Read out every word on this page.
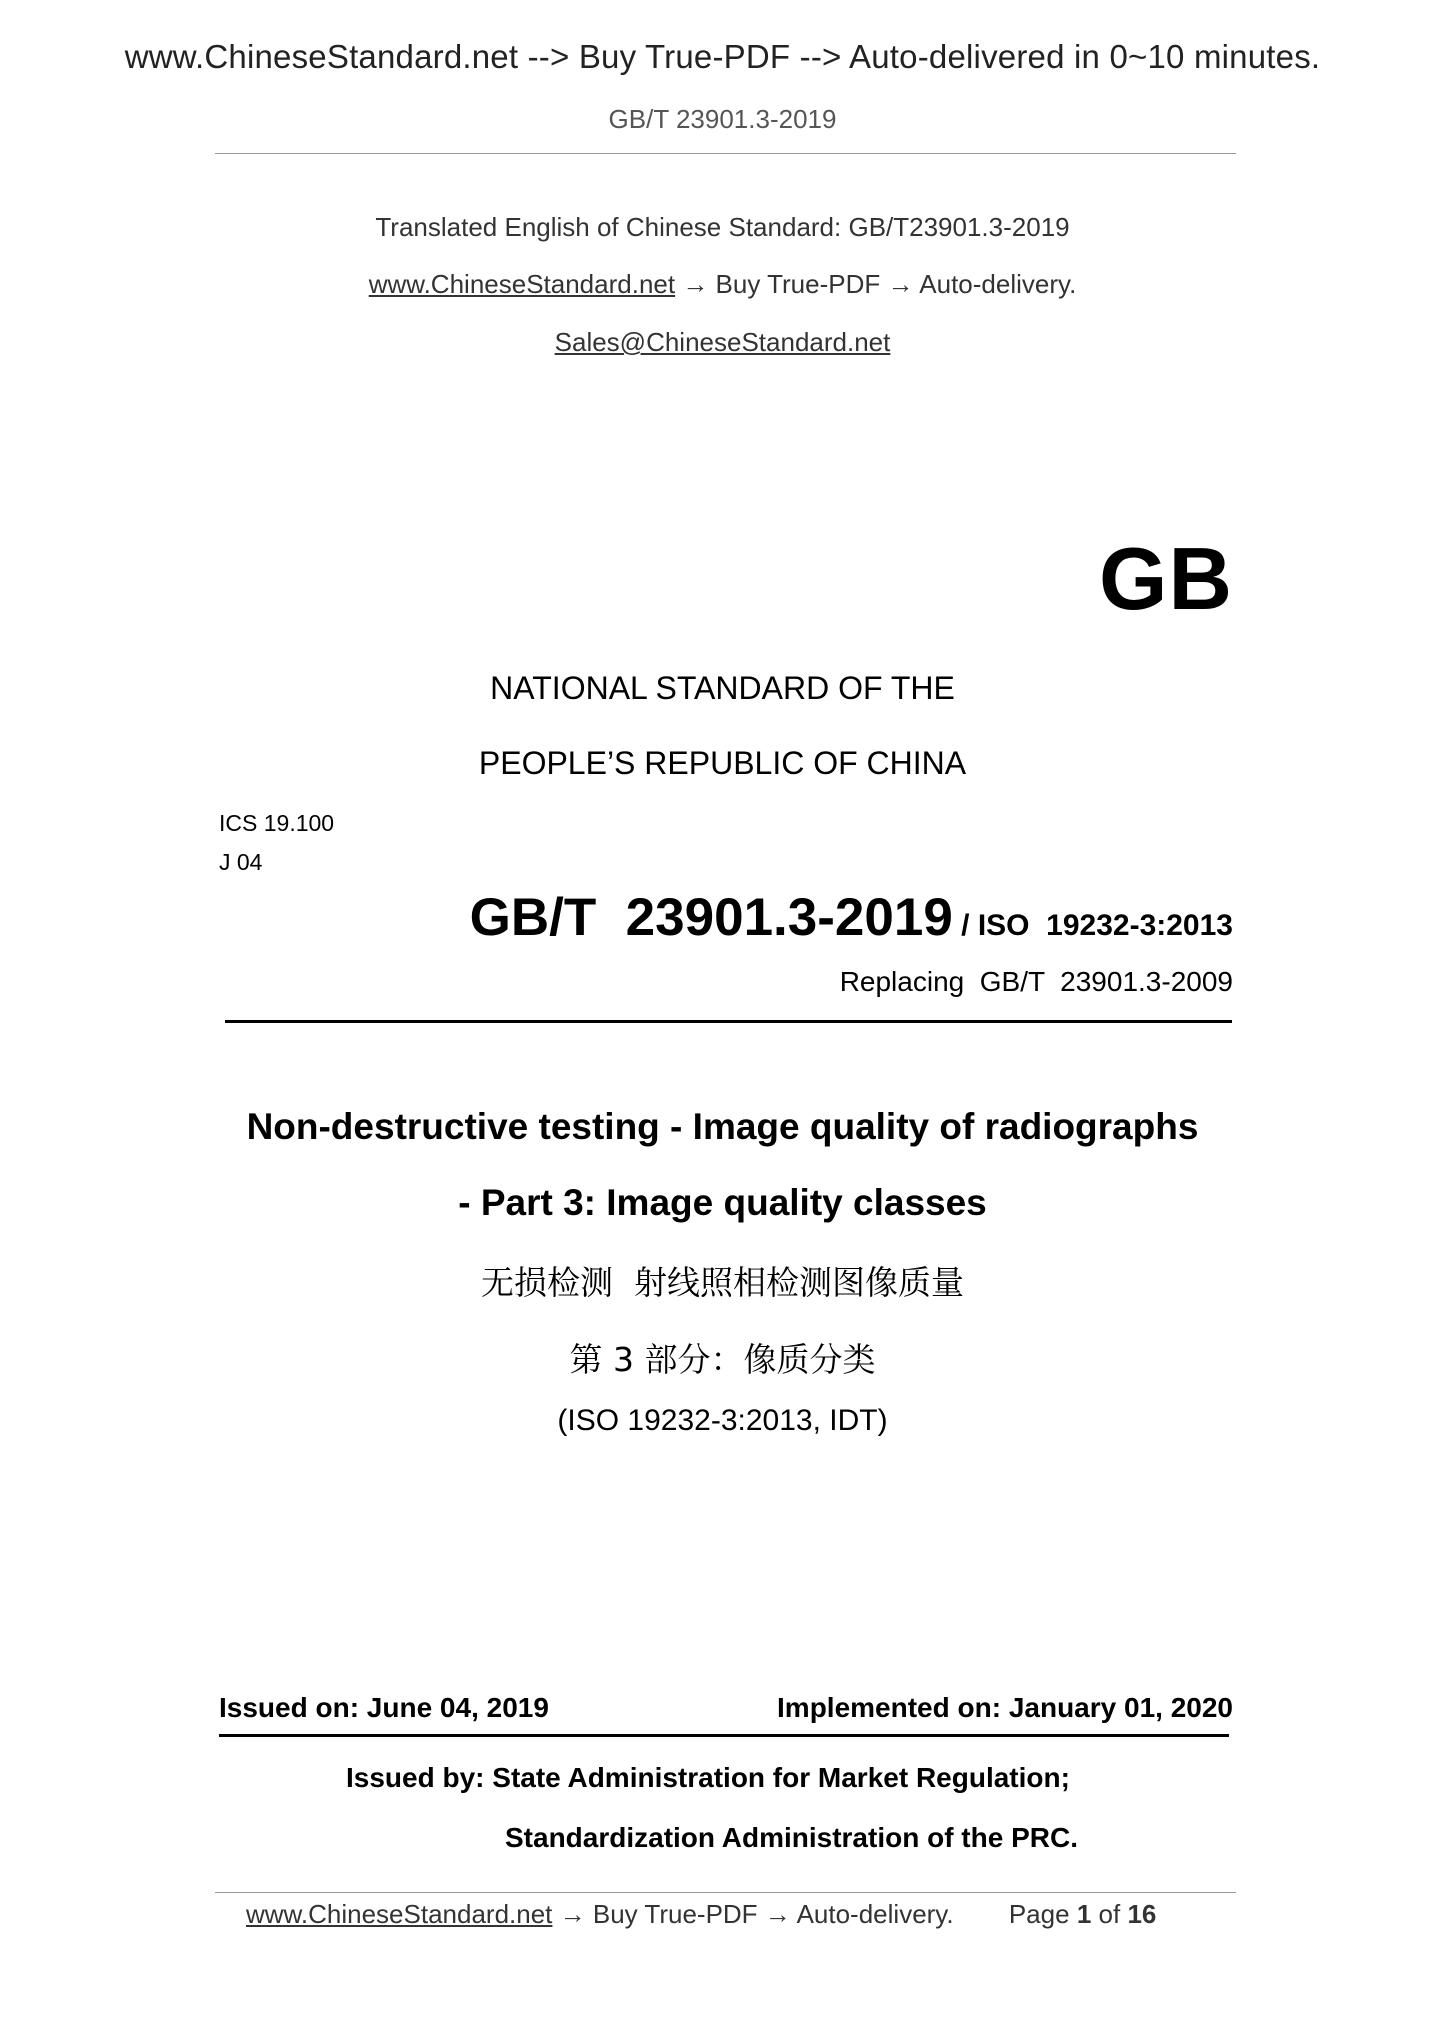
www.ChineseStandard.net --> Buy True-PDF --> Auto-delivered in 0~10 minutes.
GB/T 23901.3-2019
Translated English of Chinese Standard: GB/T23901.3-2019
www.ChineseStandard.net → Buy True-PDF → Auto-delivery.
Sales@ChineseStandard.net
GB
NATIONAL STANDARD OF THE
PEOPLE’S REPUBLIC OF CHINA
ICS 19.100
J 04
GB/T  23901.3-2019 / ISO  19232-3:2013
Replacing  GB/T  23901.3-2009
Non-destructive testing - Image quality of radiographs
- Part 3: Image quality classes
无损检测  射线照相检测图像质量
第 3 部分：像质分类
(ISO 19232-3:2013, IDT)
Issued on: June 04, 2019	Implemented on: January 01, 2020
Issued by: State Administration for Market Regulation;
Standardization Administration of the PRC.
www.ChineseStandard.net → Buy True-PDF → Auto-delivery. Page 1 of 16
